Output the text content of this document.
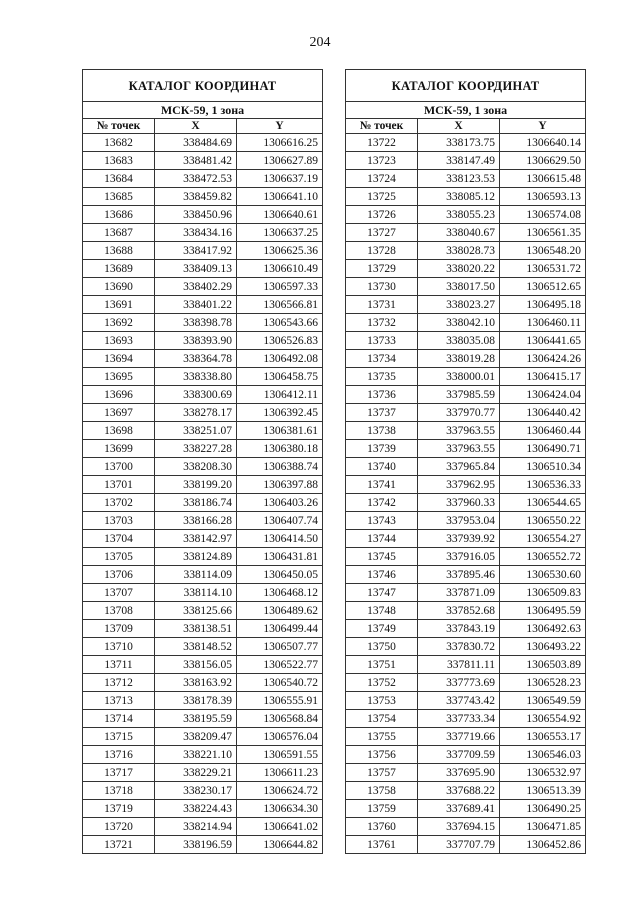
204
КАТАЛОГ КООРДИНАТ		
МСК-59, 1 зона		
№ точек	X	Y
13682	338484.69	1306616.25
13683	338481.42	1306627.89
13684	338472.53	1306637.19
13685	338459.82	1306641.10
13686	338450.96	1306640.61
13687	338434.16	1306637.25
13688	338417.92	1306625.36
13689	338409.13	1306610.49
13690	338402.29	1306597.33
13691	338401.22	1306566.81
13692	338398.78	1306543.66
13693	338393.90	1306526.83
13694	338364.78	1306492.08
13695	338338.80	1306458.75
13696	338300.69	1306412.11
13697	338278.17	1306392.45
13698	338251.07	1306381.61
13699	338227.28	1306380.18
13700	338208.30	1306388.74
13701	338199.20	1306397.88
13702	338186.74	1306403.26
13703	338166.28	1306407.74
13704	338142.97	1306414.50
13705	338124.89	1306431.81
13706	338114.09	1306450.05
13707	338114.10	1306468.12
13708	338125.66	1306489.62
13709	338138.51	1306499.44
13710	338148.52	1306507.77
13711	338156.05	1306522.77
13712	338163.92	1306540.72
13713	338178.39	1306555.91
13714	338195.59	1306568.84
13715	338209.47	1306576.04
13716	338221.10	1306591.55
13717	338229.21	1306611.23
13718	338230.17	1306624.72
13719	338224.43	1306634.30
13720	338214.94	1306641.02
13721	338196.59	1306644.82
КАТАЛОГ КООРДИНАТ		
МСК-59, 1 зона		
№ точек	X	Y
13722	338173.75	1306640.14
13723	338147.49	1306629.50
13724	338123.53	1306615.48
13725	338085.12	1306593.13
13726	338055.23	1306574.08
13727	338040.67	1306561.35
13728	338028.73	1306548.20
13729	338020.22	1306531.72
13730	338017.50	1306512.65
13731	338023.27	1306495.18
13732	338042.10	1306460.11
13733	338035.08	1306441.65
13734	338019.28	1306424.26
13735	338000.01	1306415.17
13736	337985.59	1306424.04
13737	337970.77	1306440.42
13738	337963.55	1306460.44
13739	337963.55	1306490.71
13740	337965.84	1306510.34
13741	337962.95	1306536.33
13742	337960.33	1306544.65
13743	337953.04	1306550.22
13744	337939.92	1306554.27
13745	337916.05	1306552.72
13746	337895.46	1306530.60
13747	337871.09	1306509.83
13748	337852.68	1306495.59
13749	337843.19	1306492.63
13750	337830.72	1306493.22
13751	337811.11	1306503.89
13752	337773.69	1306528.23
13753	337743.42	1306549.59
13754	337733.34	1306554.92
13755	337719.66	1306553.17
13756	337709.59	1306546.03
13757	337695.90	1306532.97
13758	337688.22	1306513.39
13759	337689.41	1306490.25
13760	337694.15	1306471.85
13761	337707.79	1306452.86
